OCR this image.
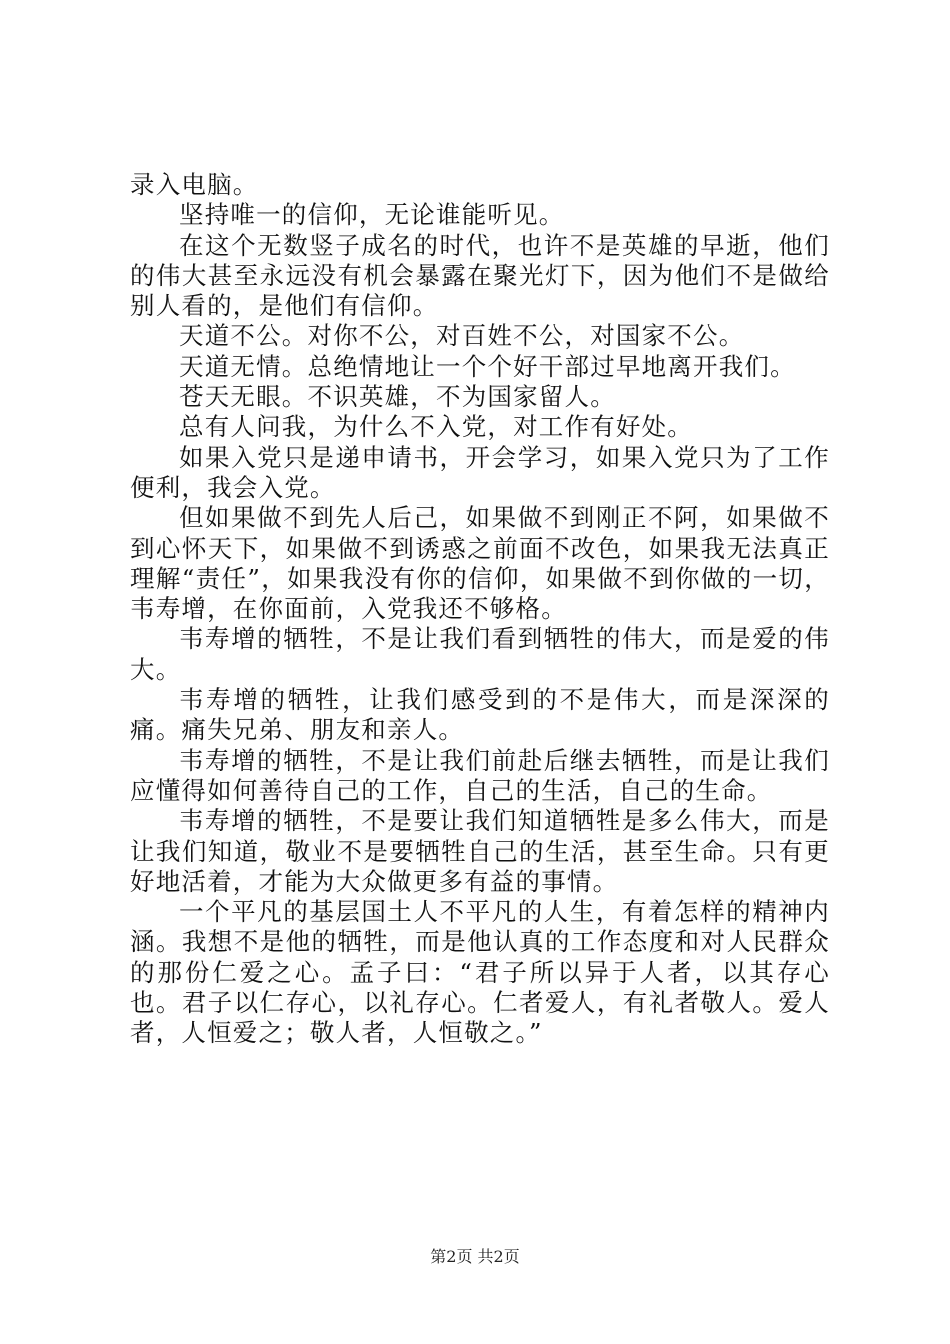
录入电脑。

坚持唯一的信仰，无论谁能听见。

在这个无数竖子成名的时代，也许不是英雄的早逝，他们的伟大甚至永远没有机会暴露在聚光灯下，因为他们不是做给别人看的，是他们有信仰。

天道不公。对你不公，对百姓不公，对国家不公。

天道无情。总绝情地让一个个好干部过早地离开我们。

苍天无眼。不识英雄，不为国家留人。

总有人问我，为什么不入党，对工作有好处。

如果入党只是递申请书，开会学习，如果入党只为了工作便利，我会入党。

但如果做不到先人后己，如果做不到刚正不阿，如果做不到心怀天下，如果做不到诱惑之前面不改色，如果我无法真正理解“责任”，如果我没有你的信仰，如果做不到你做的一切，韦寿增，在你面前，入党我还不够格。

韦寿增的牺牲，不是让我们看到牺牲的伟大，而是爱的伟大。

韦寿增的牺牲，让我们感受到的不是伟大，而是深深的痛。痛失兄弟、朋友和亲人。

韦寿增的牺牲，不是让我们前赴后继去牺牲，而是让我们应懂得如何善待自己的工作，自己的生活，自己的生命。

韦寿增的牺牲，不是要让我们知道牺牲是多么伟大，而是让我们知道，敬业不是要牺牲自己的生活，甚至生命。只有更好地活着，才能为大众做更多有益的事情。

一个平凡的基层国土人不平凡的人生，有着怎样的精神内涵。我想不是他的牺牲，而是他认真的工作态度和对人民群众的那份仁爱之心。孟子曰：“君子所以异于人者，以其存心也。君子以仁存心，以礼存心。仁者爱人，有礼者敬人。爱人者，人恒爱之；敬人者，人恒敬之。”

第2页 共2页
